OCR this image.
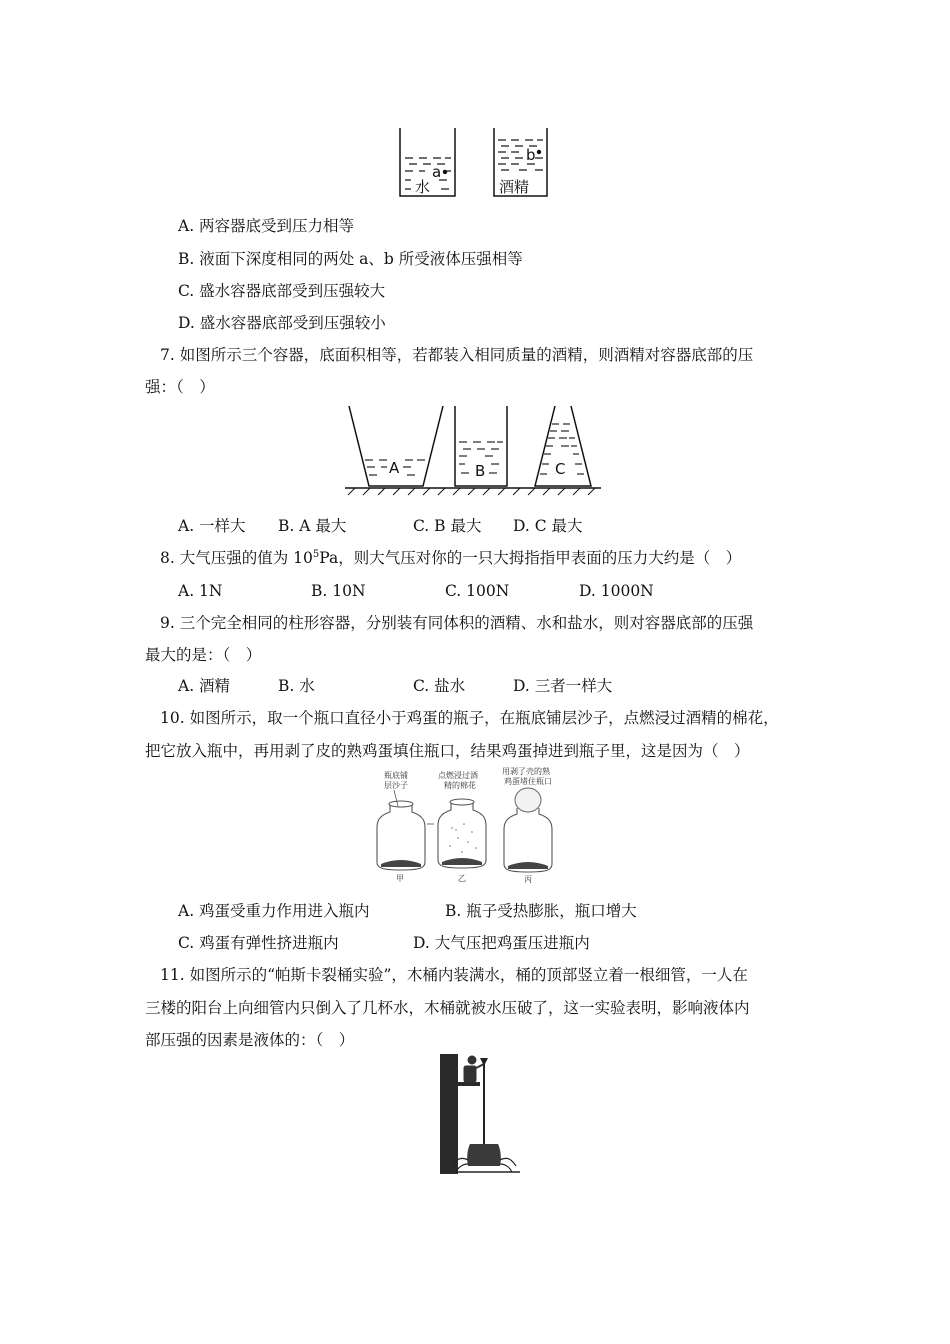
a
水
b
酒精
A. 两容器底受到压力相等
B. 液面下深度相同的两处 a、b 所受液体压强相等
C. 盛水容器底部受到压强较大
D. 盛水容器底部受到压强较小
7. 如图所示三个容器，底面积相等，若都装入相同质量的酒精，则酒精对容器底部的压
强：（　）
A	B	C
A. 一样大 B. A 最大	C. B 最大 D. C 最大
8. 大气压强的值为 $10^5Pa$，则大气压对你的一只大拇指指甲表面的压力大约是（　）
A. 1N	B. 10N	C. 100N	D. 1000N
9. 三个完全相同的柱形容器，分别装有同体积的酒精、水和盐水，则对容器底部的压强
最大的是：（　）
A. 酒精	B. 水	C. 盐水	D. 三者一样大
10. 如图所示，取一个瓶口直径小于鸡蛋的瓶子，在瓶底铺层沙子，点燃浸过酒精的棉花，
把它放入瓶中，再用剥了皮的熟鸡蛋填住瓶口，结果鸡蛋掉进到瓶子里，这是因为（　）
瓶底铺
层沙子
甲
点燃浸过酒
精的棉花
乙
用剥了壳的熟
鸡蛋堵住瓶口
丙
A. 鸡蛋受重力作用进入瓶内	B. 瓶子受热膨胀，瓶口增大
C. 鸡蛋有弹性挤进瓶内	D. 大气压把鸡蛋压进瓶内
11. 如图所示的“帕斯卡裂桶实验”，木桶内装满水，桶的顶部竖立着一根细管，一人在
三楼的阳台上向细管内只倒入了几杯水，木桶就被水压破了，这一实验表明，影响液体内
部压强的因素是液体的：（　）
